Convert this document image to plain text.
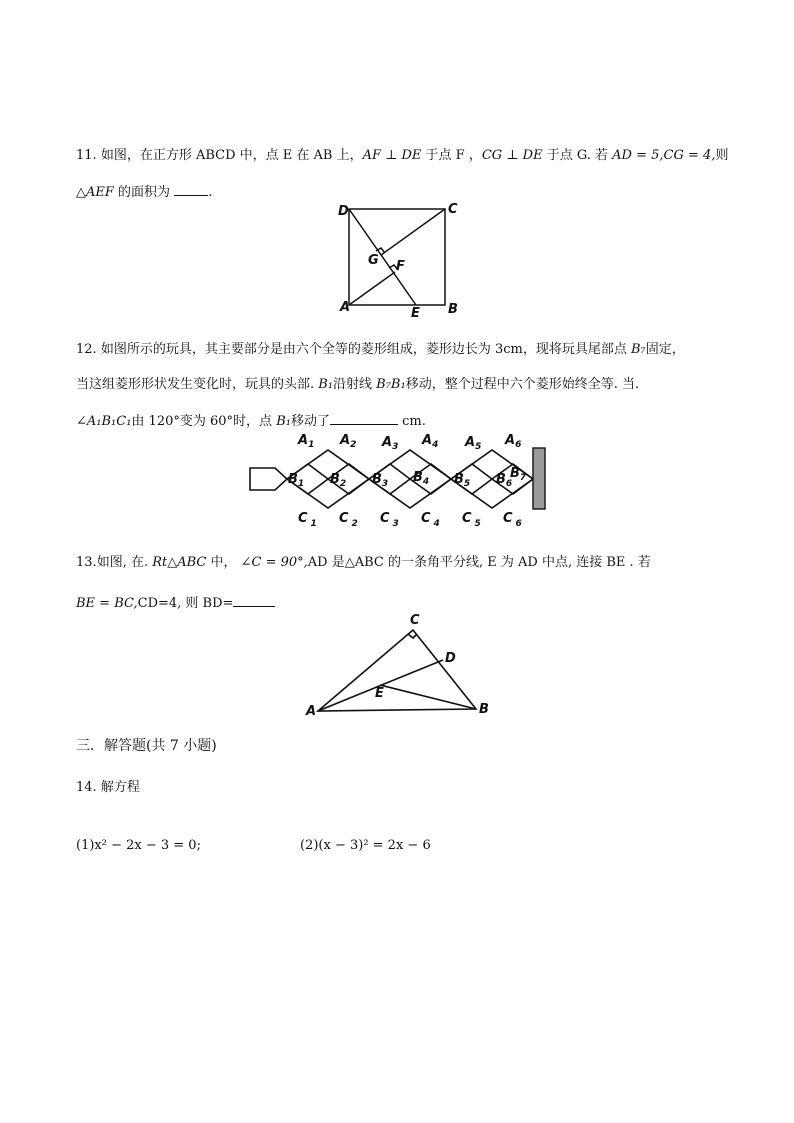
11. 如图，在正方形 ABCD 中，点 E 在 AB 上，AF ⊥ DE 于点 F ，CG ⊥ DE 于点 G. 若 AD = 5,CG = 4,则
△AEF 的面积为	.
D	C
A	E B
G F
12. 如图所示的玩具，其主要部分是由六个全等的菱形组成，菱形边长为 3cm，现将玩具尾部点 B₇固定，
当这组菱形形状发生变化时，玩具的头部. B₁沿射线 B₇B₁移动，整个过程中六个菱形始终全等. 当.
∠A₁B₁C₁由 120°变为 60°时，点 B₁移动了	cm.
$A_1$ $A_2$ $A_3$ $A_4$ $A_5$ $A_6$
$B_1$ $B_2$ $B_3$ $B_4$ $B_5$ $B_6$
$B_7$
C $_1$ C $_2$ C $_3$ C $_4$ C $_5$ C $_6$
13.如图, 在. Rt△ABC 中， ∠C = 90°,AD 是△ABC 的一条角平分线, E 为 AD 中点, 连接 BE . 若
BE = BC,CD=4, 则 BD=
C
D
E
A	B
三．解答题(共 7 小题)
14. 解方程
(1)x² − 2x − 3 = 0;	(2)(x − 3)² = 2x − 6
